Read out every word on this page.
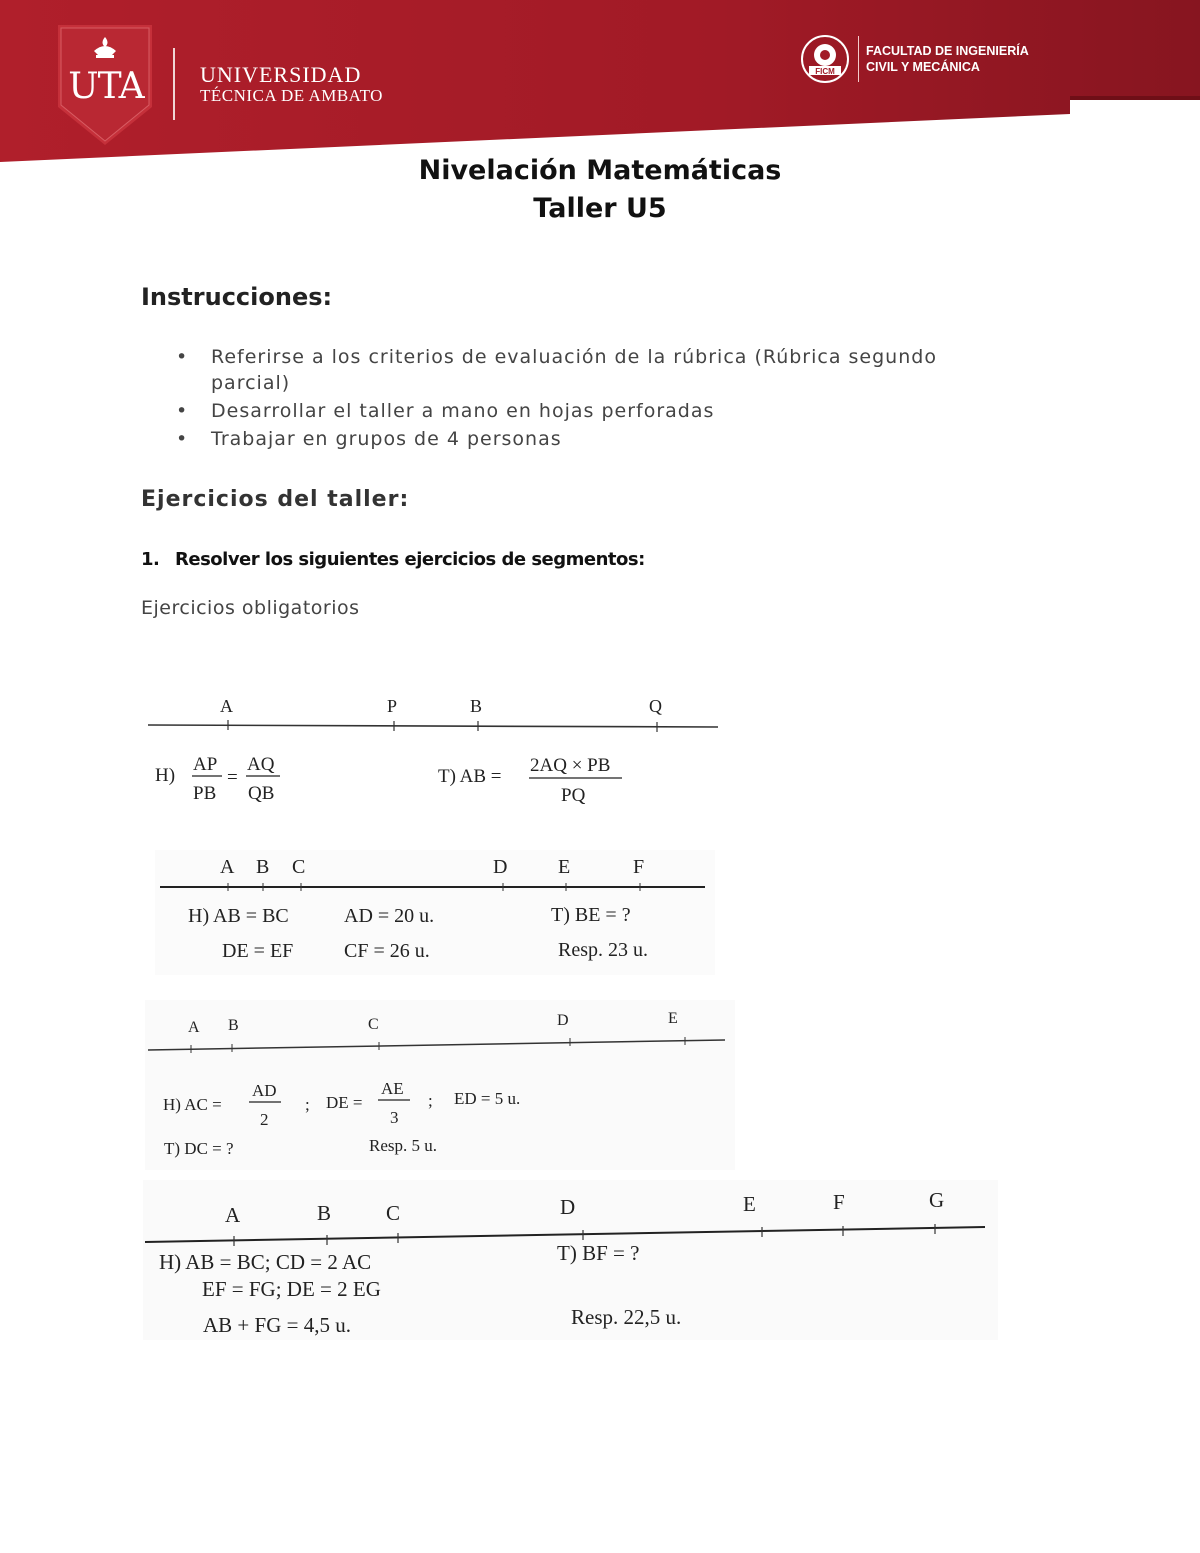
UTA	UNIVERSIDAD
TÉCNICA DE AMBATO
FICM
FACULTAD DE INGENIERÍA
CIVIL Y MECÁNICA
Nivelación Matemáticas
Taller U5
Instrucciones:
• Referirse a los criterios de evaluación de la rúbrica (Rúbrica segundo parcial)
• Desarrollar el taller a mano en hojas perforadas
• Trabajar en grupos de 4 personas
Ejercicios del taller:
1. Resolver los siguientes ejercicios de segmentos:
Ejercicios obligatorios
A	P	B	Q
H)
AP
PB
=
AQ
QB
T) AB =
2AQ × PB
PQ
A B C	D	E	F
H) AB = BC	AD = 20 u.
DE = EF	CF = 26 u.
T) BE = ?
Resp. 23 u.
A B	C	D	E
H) AC =
AD
2
; DE =
AE
3
; ED = 5 u.
T) DC = ?	Resp. 5 u.
A	B	C	D	E	F	G
H) AB = BC; CD = 2 AC
EF = FG; DE = 2 EG
AB + FG = 4,5 u.
T) BF = ?
Resp. 22,5 u.
